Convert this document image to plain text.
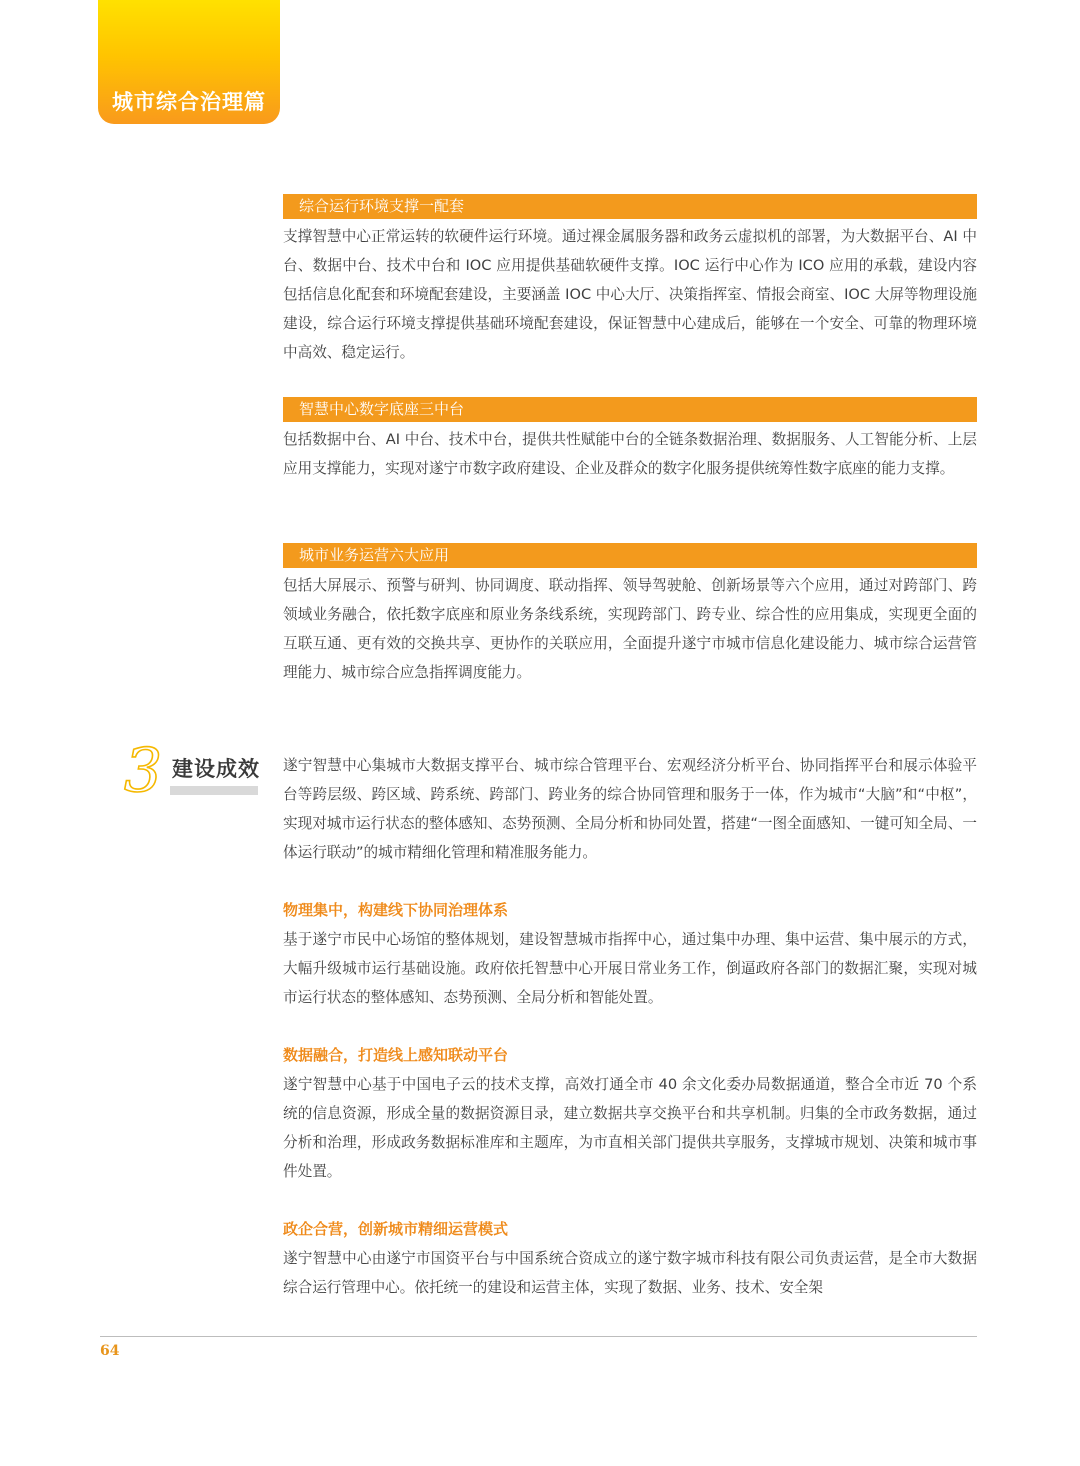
城市综合治理篇
综合运行环境支撑一配套

支撑智慧中心正常运转的软硬件运行环境。通过裸金属服务器和政务云虚拟机的部署，为大数据平台、AI 中台、数据中台、技术中台和 IOC 应用提供基础软硬件支撑。IOC 运行中心作为 ICO 应用的承载，建设内容包括信息化配套和环境配套建设，主要涵盖 IOC 中心大厅、决策指挥室、情报会商室、IOC 大屏等物理设施建设，综合运行环境支撑提供基础环境配套建设，保证智慧中心建成后，能够在一个安全、可靠的物理环境中高效、稳定运行。

智慧中心数字底座三中台

包括数据中台、AI 中台、技术中台，提供共性赋能中台的全链条数据治理、数据服务、人工智能分析、上层应用支撑能力，实现对遂宁市数字政府建设、企业及群众的数字化服务提供统筹性数字底座的能力支撑。

城市业务运营六大应用

包括大屏展示、预警与研判、协同调度、联动指挥、领导驾驶舱、创新场景等六个应用，通过对跨部门、跨领域业务融合，依托数字底座和原业务条线系统，实现跨部门、跨专业、综合性的应用集成，实现更全面的互联互通、更有效的交换共享、更协作的关联应用，全面提升遂宁市城市信息化建设能力、城市综合运营管理能力、城市综合应急指挥调度能力。

3 建设成效 遂宁智慧中心集城市大数据支撑平台、城市综合管理平台、宏观经济分析平台、协同指挥平台和展示体验平台等跨层级、跨区域、跨系统、跨部门、跨业务的综合协同管理和服务于一体，作为城市“大脑”和“中枢”，实现对城市运行状态的整体感知、态势预测、全局分析和协同处置，搭建“一图全面感知、一键可知全局、一体运行联动”的城市精细化管理和精准服务能力。

物理集中，构建线下协同治理体系

基于遂宁市民中心场馆的整体规划，建设智慧城市指挥中心，通过集中办理、集中运营、集中展示的方式，大幅升级城市运行基础设施。政府依托智慧中心开展日常业务工作，倒逼政府各部门的数据汇聚，实现对城市运行状态的整体感知、态势预测、全局分析和智能处置。

数据融合，打造线上感知联动平台

遂宁智慧中心基于中国电子云的技术支撑，高效打通全市 40 余文化委办局数据通道，整合全市近 70 个系统的信息资源，形成全量的数据资源目录，建立数据共享交换平台和共享机制。归集的全市政务数据，通过分析和治理，形成政务数据标准库和主题库，为市直相关部门提供共享服务，支撑城市规划、决策和城市事件处置。

政企合营，创新城市精细运营模式

遂宁智慧中心由遂宁市国资平台与中国系统合资成立的遂宁数字城市科技有限公司负责运营，是全市大数据综合运行管理中心。依托统一的建设和运营主体，实现了数据、业务、技术、安全架

64
